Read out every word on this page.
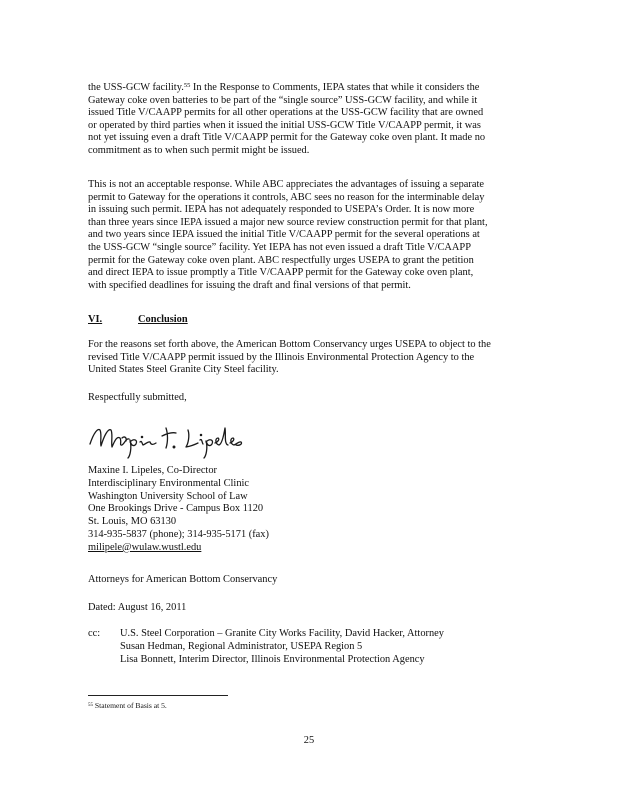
the USS-GCW facility.$^{55}$ In the Response to Comments, IEPA states that while it considers the
Gateway coke oven batteries to be part of the “single source” USS-GCW facility, and while it
issued Title V/CAAPP permits for all other operations at the USS-GCW facility that are owned
or operated by third parties when it issued the initial USS-GCW Title V/CAAPP permit, it was
not yet issuing even a draft Title V/CAAPP permit for the Gateway coke oven plant. It made no
commitment as to when such permit might be issued.

This is not an acceptable response. While ABC appreciates the advantages of issuing a separate
permit to Gateway for the operations it controls, ABC sees no reason for the interminable delay
in issuing such permit. IEPA has not adequately responded to USEPA’s Order. It is now more
than three years since IEPA issued a major new source review construction permit for that plant,
and two years since IEPA issued the initial Title V/CAAPP permit for the several operations at
the USS-GCW “single source” facility. Yet IEPA has not even issued a draft Title V/CAAPP
permit for the Gateway coke oven plant. ABC respectfully urges USEPA to grant the petition
and direct IEPA to issue promptly a Title V/CAAPP permit for the Gateway coke oven plant,
with specified deadlines for issuing the draft and final versions of that permit.

VI.	Conclusion

For the reasons set forth above, the American Bottom Conservancy urges USEPA to object to the
revised Title V/CAAPP permit issued by the Illinois Environmental Protection Agency to the
United States Steel Granite City Steel facility.

Respectfully submitted,
Maxine I. Lipeles, Co-Director
Interdisciplinary Environmental Clinic
Washington University School of Law
One Brookings Drive - Campus Box 1120
St. Louis, MO 63130
314-935-5837 (phone); 314-935-5171 (fax)
milipele@wulaw.wustl.edu
Attorneys for American Bottom Conservancy
Dated: August 16, 2011
cc:	U.S. Steel Corporation – Granite City Works Facility, David Hacker, Attorney
Susan Hedman, Regional Administrator, USEPA Region 5
Lisa Bonnett, Interim Director, Illinois Environmental Protection Agency
$^{55}$ Statement of Basis at 5.
25
